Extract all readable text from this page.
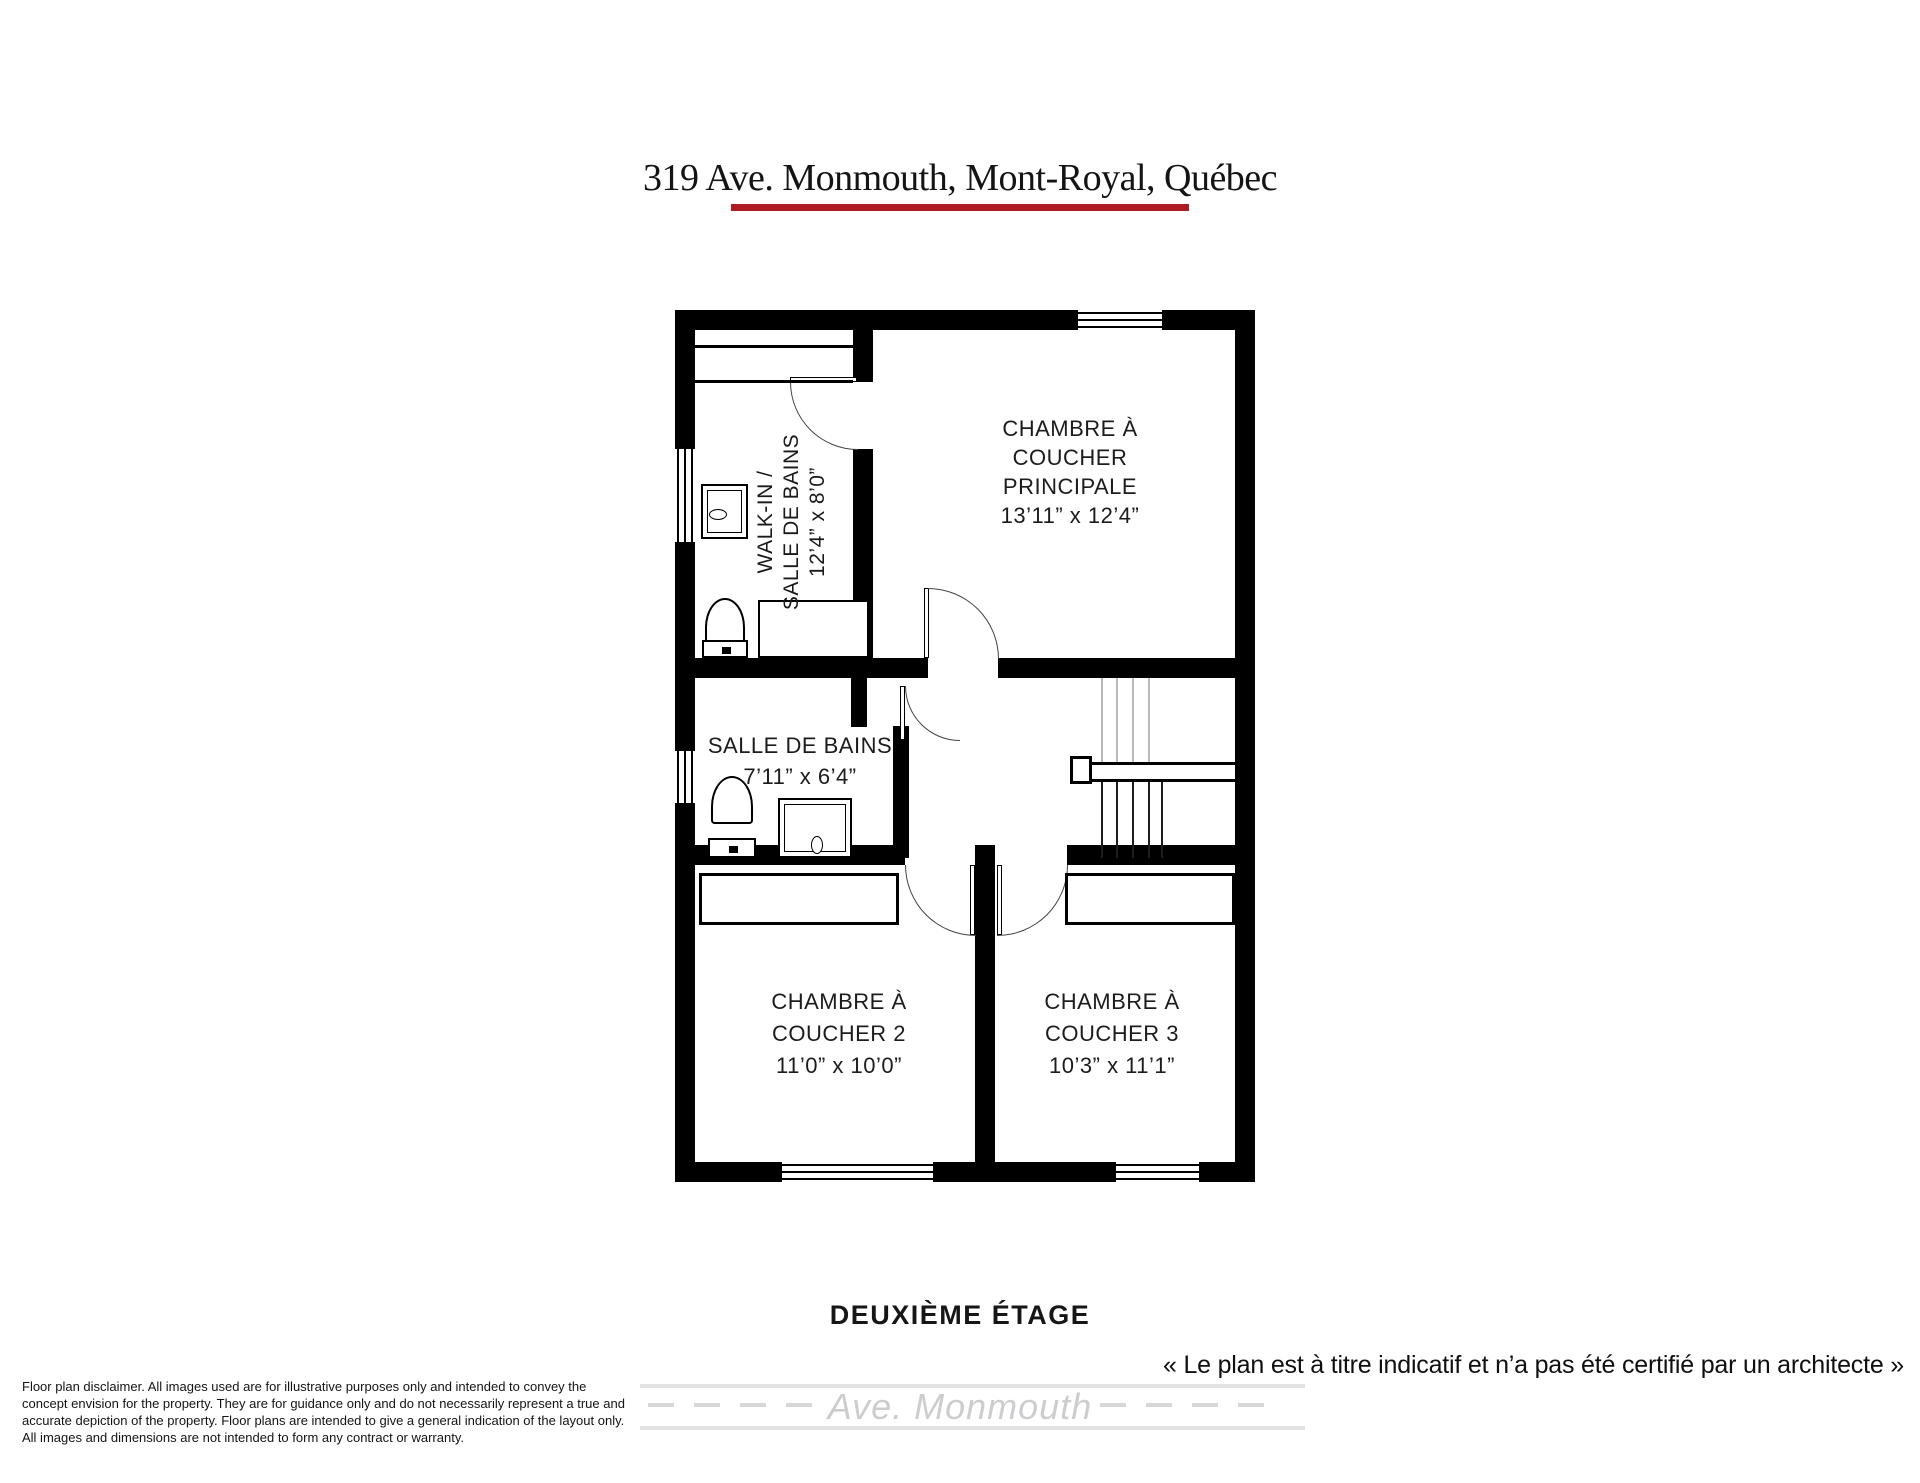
319 Ave. Monmouth, Mont-Royal, Québec
CHAMBRE À
COUCHER
PRINCIPALE
13’11” x 12’4”
WALK-IN / SALLE DE BAINS 12’4” x 8’0”
SALLE DE BAINS
7’11” x 6’4”
CHAMBRE À
COUCHER 2
11’0” x 10’0”
CHAMBRE À
COUCHER 3
10’3” x 11’1”
DEUXIÈME ÉTAGE
« Le plan est à titre indicatif et n’a pas été certifié par un architecte »
Ave. Monmouth
Floor plan disclaimer. All images used are for illustrative purposes only and intended to convey the
concept envision for the property. They are for guidance only and do not necessarily represent a true and
accurate depiction of the property. Floor plans are intended to give a general indication of the layout only.
All images and dimensions are not intended to form any contract or warranty.
